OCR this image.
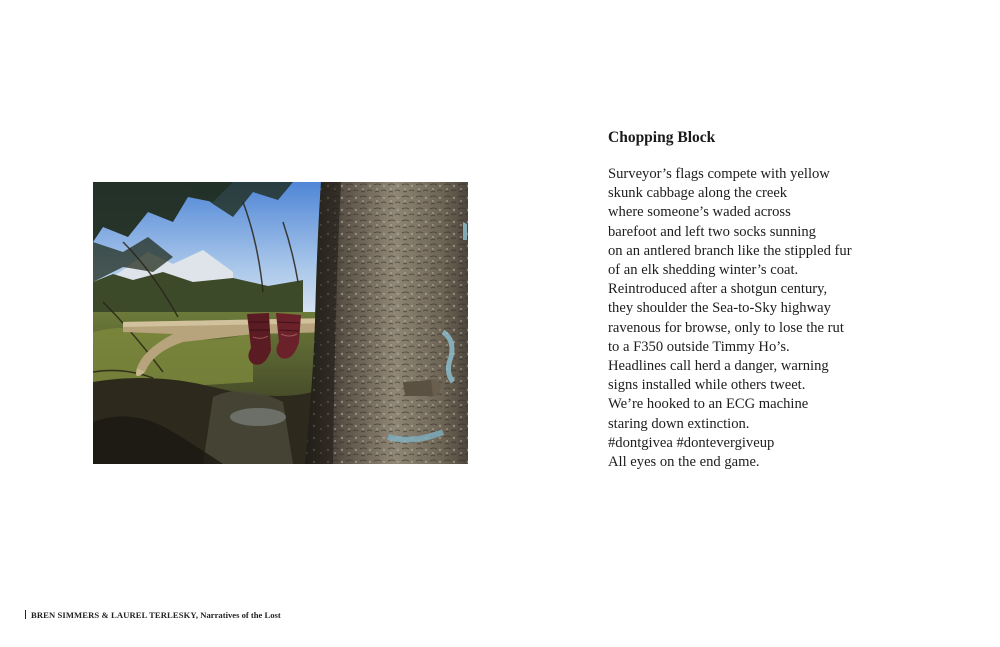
Chopping Block
Surveyor’s flags compete with yellow
skunk cabbage along the creek
where someone’s waded across
barefoot and left two socks sunning
on an antlered branch like the stippled fur
of an elk shedding winter’s coat.
Reintroduced after a shotgun century,
they shoulder the Sea-to-Sky highway
ravenous for browse, only to lose the rut
to a F350 outside Timmy Ho’s.
Headlines call herd a danger, warning
signs installed while others tweet.
We’re hooked to an ECG machine
staring down extinction.
#dontgivea #dontevergiveup
All eyes on the end game.
BREN SIMMERS & LAUREL TERLESKY, Narratives of the Lost
